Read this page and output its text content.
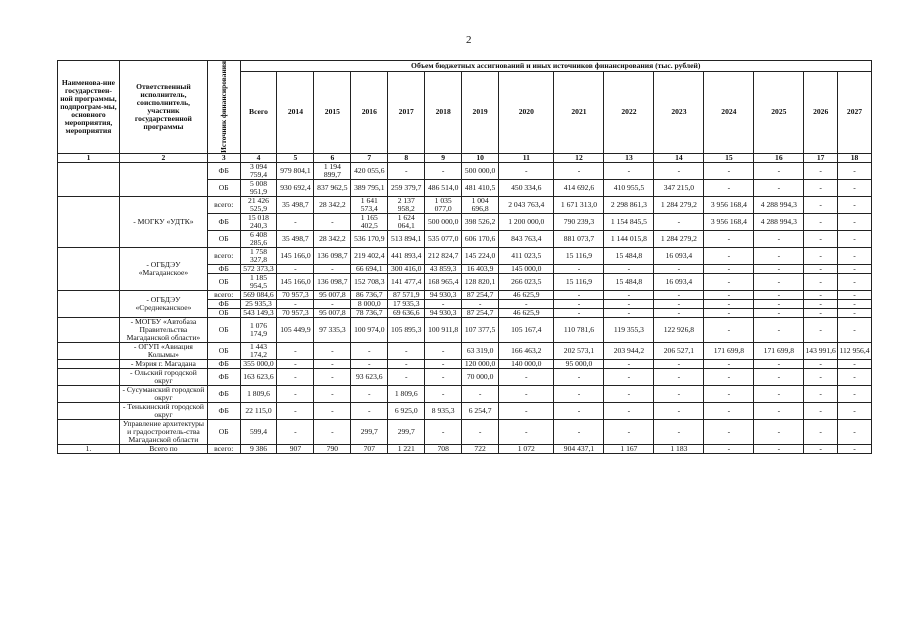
2
Наименова-ние государствен-ной программы, подпрограм-мы, основного мероприятия, мероприятия	Ответственный исполнитель, соисполнитель, участник государственной программы	Источник финансирования	Объем бюджетных ассигнований и иных источников финансирования (тыс. рублей)														
			Всего	2014	2015	2016	2017	2018	2019	2020	2021	2022	2023	2024	2025	2026	2027
1	2	3	4	5	6	7	8	9	10	11	12	13	14	15	16	17	18
		ФБ	3 094 759,4	979 804,1	1 194 899,7	420 055,6	-	-	500 000,0	-	-	-	-	-	-	-	-
		ОБ	5 008 951,9	930 692,4	837 962,5	389 795,1	259 379,7	486 514,0	481 410,5	450 334,6	414 692,6	410 955,5	347 215,0	-	-	-	-
	- МОГКУ «УДТК»	всего:	21 426 525,9	35 498,7	28 342,2	1 641 573,4	2 137 958,2	1 035 077,0	1 004 696,8	2 043 763,4	1 671 313,0	2 298 861,3	1 284 279,2	3 956 168,4	4 288 994,3	-	-
		ФБ	15 018 240,3	-	-	1 165 402,5	1 624 064,1	500 000,0	398 526,2	1 200 000,0	790 239,3	1 154 845,5	-	3 956 168,4	4 288 994,3	-	-
		ОБ	6 408 285,6	35 498,7	28 342,2	536 170,9	513 894,1	535 077,0	606 170,6	843 763,4	881 073,7	1 144 015,8	1 284 279,2	-	-	-	-
	- ОГБДЭУ «Магаданское»	всего:	1 758 327,8	145 166,0	136 098,7	219 402,4	441 893,4	212 824,7	145 224,0	411 023,5	15 116,9	15 484,8	16 093,4	-	-	-	-
		ФБ	572 373,3	-	-	66 694,1	300 416,0	43 859,3	16 403,9	145 000,0	-	-	-	-	-	-	-
		ОБ	1 185 954,5	145 166,0	136 098,7	152 708,3	141 477,4	168 965,4	128 820,1	266 023,5	15 116,9	15 484,8	16 093,4	-	-	-	-
	- ОГБДЭУ «Среднеканское»	всего:	569 084,6	70 957,3	95 007,8	86 736,7	87 571,9	94 930,3	87 254,7	46 625,9	-	-	-	-	-	-	-
		ФБ	25 935,3	-	-	8 000,0	17 935,3	-	-	-	-	-	-	-	-	-	-
		ОБ	543 149,3	70 957,3	95 007,8	78 736,7	69 636,6	94 930,3	87 254,7	46 625,9	-	-	-	-	-	-	-
	- МОГБУ «Автобаза Правительства Магаданской области»	ОБ	1 076 174,9	105 449,9	97 335,3	100 974,0	105 895,3	100 911,8	107 377,5	105 167,4	110 781,6	119 355,3	122 926,8	-	-	-	-
	- ОГУП «Авиация Колымы»	ОБ	1 443 174,2	-	-	-	-	-	63 319,0	166 463,2	202 573,1	203 944,2	206 527,1	171 699,8	171 699,8	143 991,6	112 956,4
	- Мэрия г. Магадана	ФБ	355 000,0	-	-	-	-	-	120 000,0	140 000,0	95 000,0	-	-	-	-	-	-
	- Ольский городской округ	ФБ	163 623,6	-	-	93 623,6	-	-	70 000,0	-	-	-	-	-	-	-	-
	- Сусуманский городской округ	ФБ	1 809,6	-	-	-	1 809,6	-	-	-	-	-	-	-	-	-	-
	- Тенькинский городской округ	ФБ	22 115,0	-	-	-	6 925,0	8 935,3	6 254,7	-	-	-	-	-	-	-	-
	Управление архитектуры и градостроитель-ства Магаданской области	ОБ	599,4	-	-	299,7	299,7	-	-	-	-	-	-	-	-	-	-
1.	Всего по	всего:	9 386	907	790	707	1 221	708	722	1 072	904 437,1	1 167	1 183	-	-	-	-
